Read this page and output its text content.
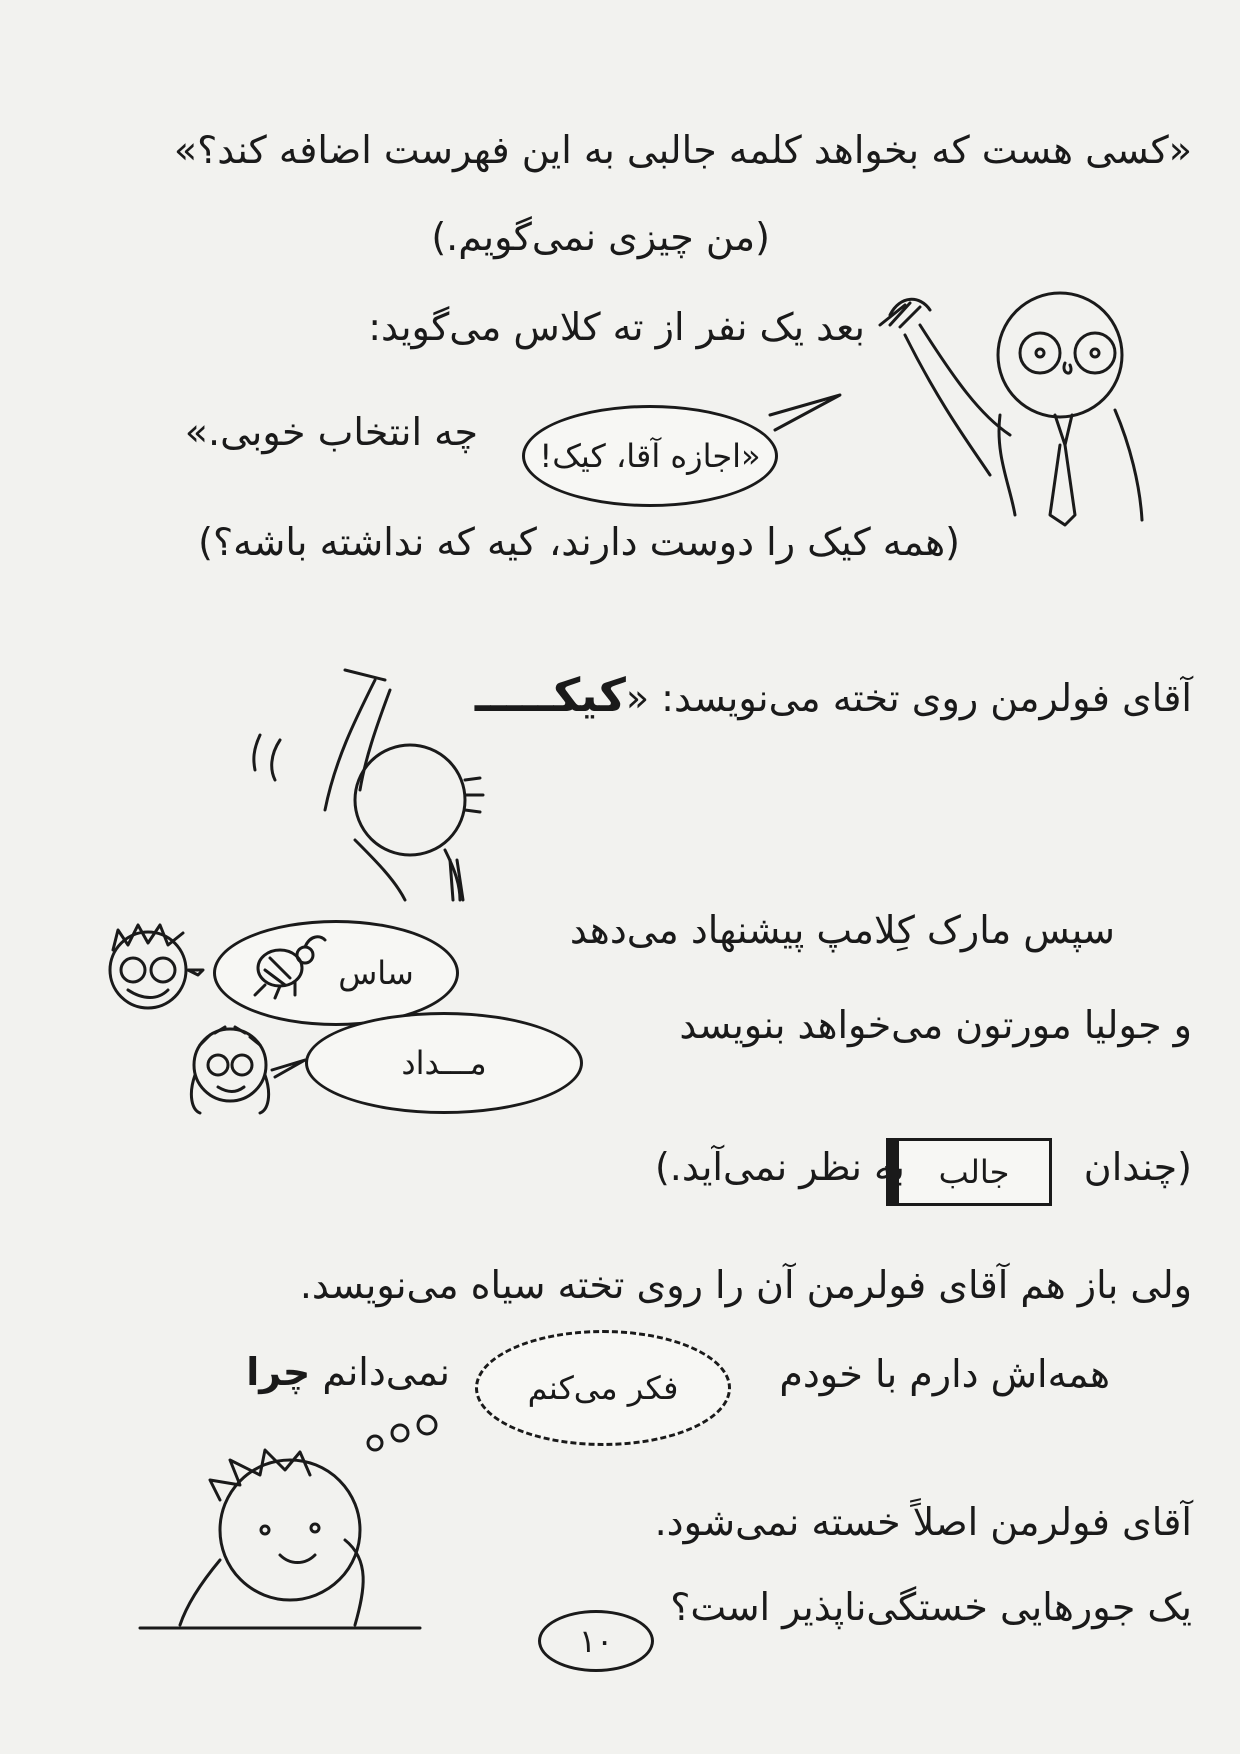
«کسی هست که بخواهد کلمه جالبی به این فهرست اضافه کند؟»
(من چیزی نمی‌گویم.)
بعد یک نفر از ته کلاس می‌گوید:
«اجازه آقا، کیک!
چه انتخاب خوبی.»
(همه کیک را دوست دارند، کیه که نداشته باشه؟)
آقای فولرمن روی تخته می‌نویسد: «کیکـــــ
سپس مارک کِلامپ پیشنهاد می‌دهد
ساس
و جولیا مورتون می‌خواهد بنویسد
مـــداد
(چندان
جالب
به نظر نمی‌آید.)
ولی باز هم آقای فولرمن آن را روی تخته سیاه می‌نویسد.
همه‌اش دارم با خودم
فکر می‌کنم
نمی‌دانم چرا
آقای فولرمن اصلاً خسته نمی‌شود.
یک جورهایی خستگی‌ناپذیر است؟
۱۰
